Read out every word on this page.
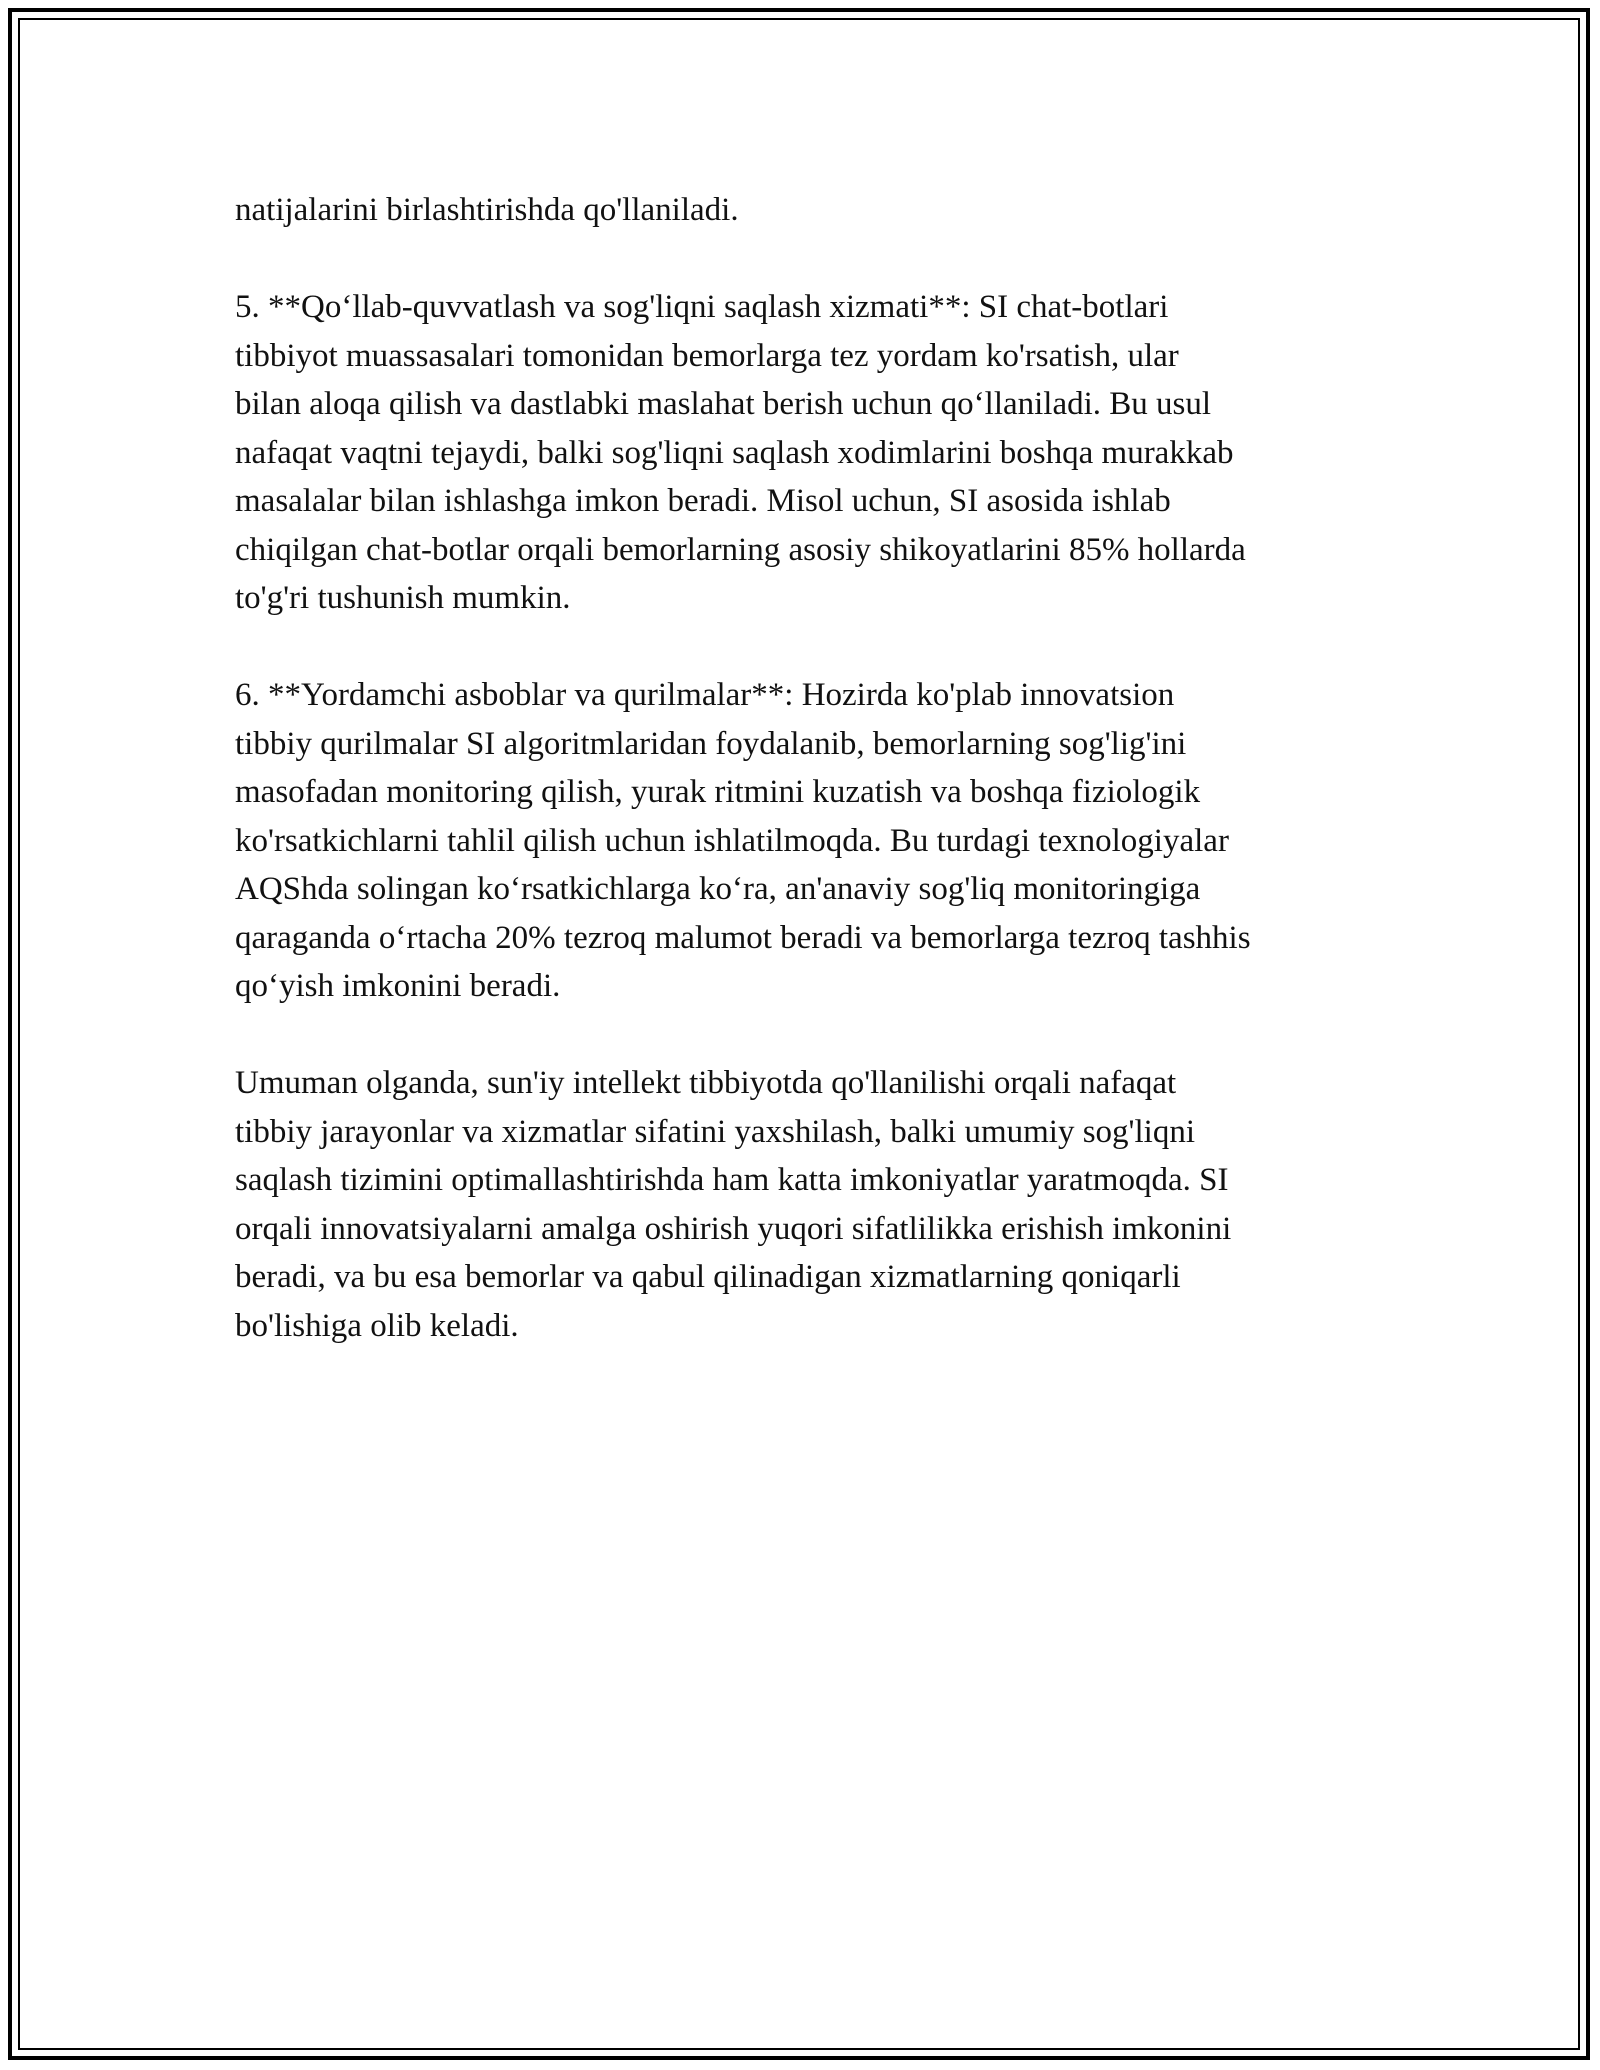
natijalarini birlashtirishda qo'llaniladi.

5. **Qo‘llab-quvvatlash va sog'liqni saqlash xizmati**: SI chat-botlari
tibbiyot muassasalari tomonidan bemorlarga tez yordam ko'rsatish, ular
bilan aloqa qilish va dastlabki maslahat berish uchun qo‘llaniladi. Bu usul
nafaqat vaqtni tejaydi, balki sog'liqni saqlash xodimlarini boshqa murakkab
masalalar bilan ishlashga imkon beradi. Misol uchun, SI asosida ishlab
chiqilgan chat-botlar orqali bemorlarning asosiy shikoyatlarini 85% hollarda
to'g'ri tushunish mumkin.

6. **Yordamchi asboblar va qurilmalar**: Hozirda ko'plab innovatsion
tibbiy qurilmalar SI algoritmlaridan foydalanib, bemorlarning sog'lig'ini
masofadan monitoring qilish, yurak ritmini kuzatish va boshqa fiziologik
ko'rsatkichlarni tahlil qilish uchun ishlatilmoqda. Bu turdagi texnologiyalar
AQShda solingan ko‘rsatkichlarga ko‘ra, an'anaviy sog'liq monitoringiga
qaraganda o‘rtacha 20% tezroq malumot beradi va bemorlarga tezroq tashhis
qo‘yish imkonini beradi.

Umuman olganda, sun'iy intellekt tibbiyotda qo'llanilishi orqali nafaqat
tibbiy jarayonlar va xizmatlar sifatini yaxshilash, balki umumiy sog'liqni
saqlash tizimini optimallashtirishda ham katta imkoniyatlar yaratmoqda. SI
orqali innovatsiyalarni amalga oshirish yuqori sifatlilikka erishish imkonini
beradi, va bu esa bemorlar va qabul qilinadigan xizmatlarning qoniqarli
bo'lishiga olib keladi.
